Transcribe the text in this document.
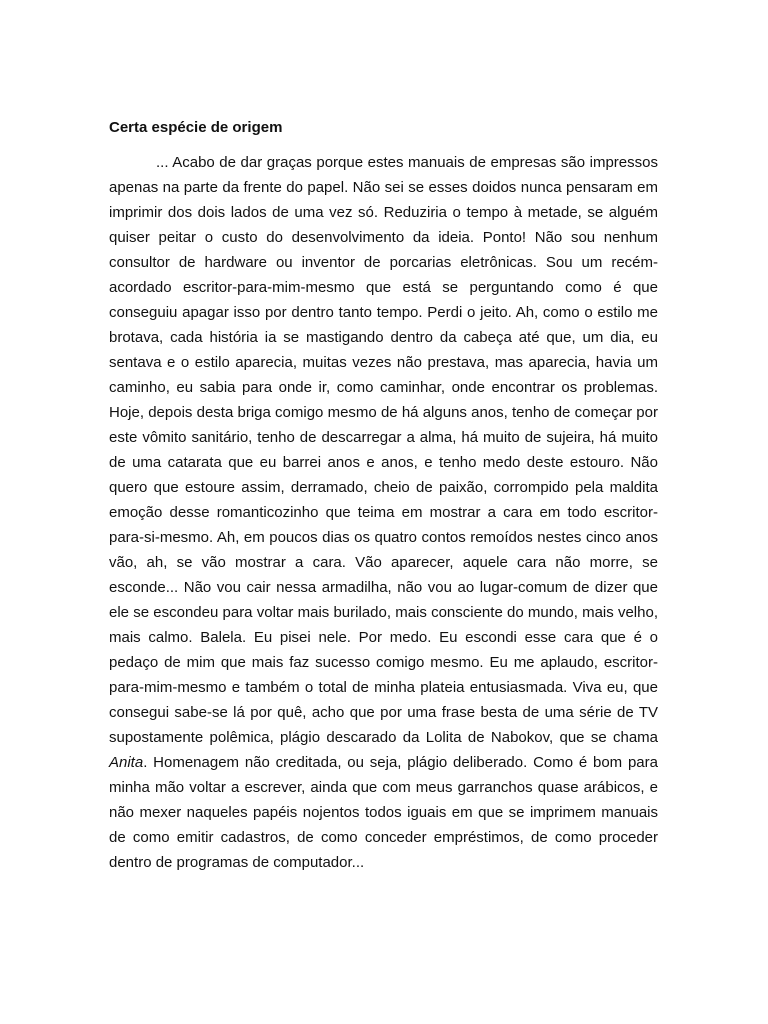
Certa espécie de origem

... Acabo de dar graças porque estes manuais de empresas são impressos apenas na parte da frente do papel. Não sei se esses doidos nunca pensaram em imprimir dos dois lados de uma vez só. Reduziria o tempo à metade, se alguém quiser peitar o custo do desenvolvimento da ideia. Ponto! Não sou nenhum consultor de hardware ou inventor de porcarias eletrônicas. Sou um recém-acordado escritor-para-mim-mesmo que está se perguntando como é que conseguiu apagar isso por dentro tanto tempo. Perdi o jeito. Ah, como o estilo me brotava, cada história ia se mastigando dentro da cabeça até que, um dia, eu sentava e o estilo aparecia, muitas vezes não prestava, mas aparecia, havia um caminho, eu sabia para onde ir, como caminhar, onde encontrar os problemas. Hoje, depois desta briga comigo mesmo de há alguns anos, tenho de começar por este vômito sanitário, tenho de descarregar a alma, há muito de sujeira, há muito de uma catarata que eu barrei anos e anos, e tenho medo deste estouro. Não quero que estoure assim, derramado, cheio de paixão, corrompido pela maldita emoção desse romanticozinho que teima em mostrar a cara em todo escritor-para-si-mesmo. Ah, em poucos dias os quatro contos remoídos nestes cinco anos vão, ah, se vão mostrar a cara. Vão aparecer, aquele cara não morre, se esconde... Não vou cair nessa armadilha, não vou ao lugar-comum de dizer que ele se escondeu para voltar mais burilado, mais consciente do mundo, mais velho, mais calmo. Balela. Eu pisei nele. Por medo. Eu escondi esse cara que é o pedaço de mim que mais faz sucesso comigo mesmo. Eu me aplaudo, escritor-para-mim-mesmo e também o total de minha plateia entusiasmada. Viva eu, que consegui sabe-se lá por quê, acho que por uma frase besta de uma série de TV supostamente polêmica, plágio descarado da Lolita de Nabokov, que se chama Anita. Homenagem não creditada, ou seja, plágio deliberado. Como é bom para minha mão voltar a escrever, ainda que com meus garranchos quase arábicos, e não mexer naqueles papéis nojentos todos iguais em que se imprimem manuais de como emitir cadastros, de como conceder empréstimos, de como proceder dentro de programas de computador...
